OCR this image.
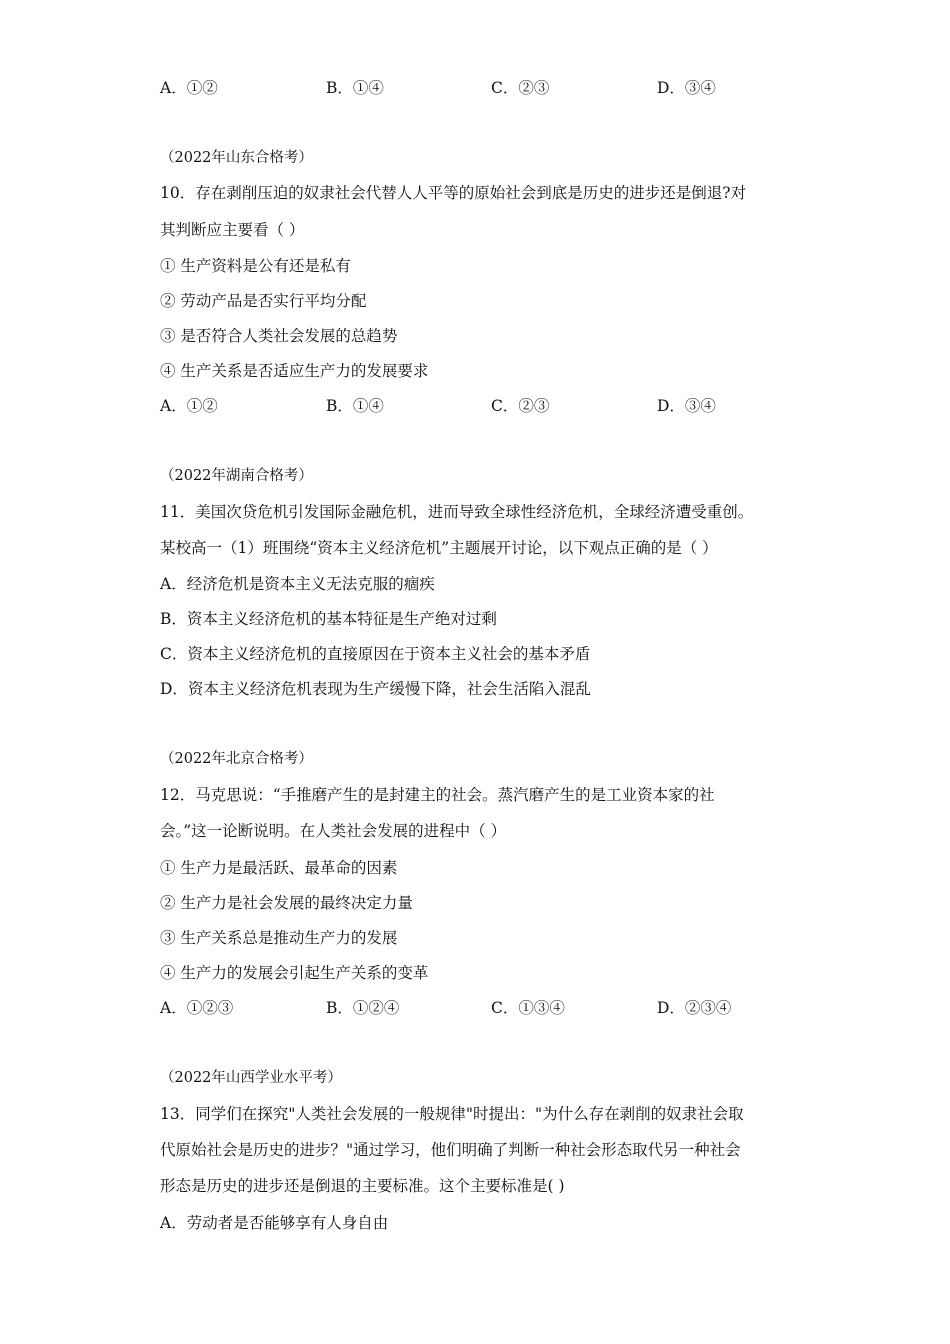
A．①②	B．①④	C．②③	D．③④
（2022年山东合格考）
10．存在剥削压迫的奴隶社会代替人人平等的原始社会到底是历史的进步还是倒退?对
其判断应主要看（ ）
① 生产资料是公有还是私有
② 劳动产品是否实行平均分配
③ 是否符合人类社会发展的总趋势
④ 生产关系是否适应生产力的发展要求
A．①②	B．①④	C．②③	D．③④
（2022年湖南合格考）
11．美国次贷危机引发国际金融危机，进而导致全球性经济危机，全球经济遭受重创。
某校高一（1）班围绕“资本主义经济危机”主题展开讨论，以下观点正确的是（ ）
A．经济危机是资本主义无法克服的痼疾
B．资本主义经济危机的基本特征是生产绝对过剩
C．资本主义经济危机的直接原因在于资本主义社会的基本矛盾
D．资本主义经济危机表现为生产缓慢下降，社会生活陷入混乱
（2022年北京合格考）
12．马克思说：“手推磨产生的是封建主的社会。蒸汽磨产生的是工业资本家的社
会。”这一论断说明。在人类社会发展的进程中（ ）
① 生产力是最活跃、最革命的因素
② 生产力是社会发展的最终决定力量
③ 生产关系总是推动生产力的发展
④ 生产力的发展会引起生产关系的变革
A．①②③	B．①②④	C．①③④	D．②③④
（2022年山西学业水平考）
13．同学们在探究"人类社会发展的一般规律"时提出："为什么存在剥削的奴隶社会取
代原始社会是历史的进步？"通过学习，他们明确了判断一种社会形态取代另一种社会
形态是历史的进步还是倒退的主要标准。这个主要标准是( )
A．劳动者是否能够享有人身自由
